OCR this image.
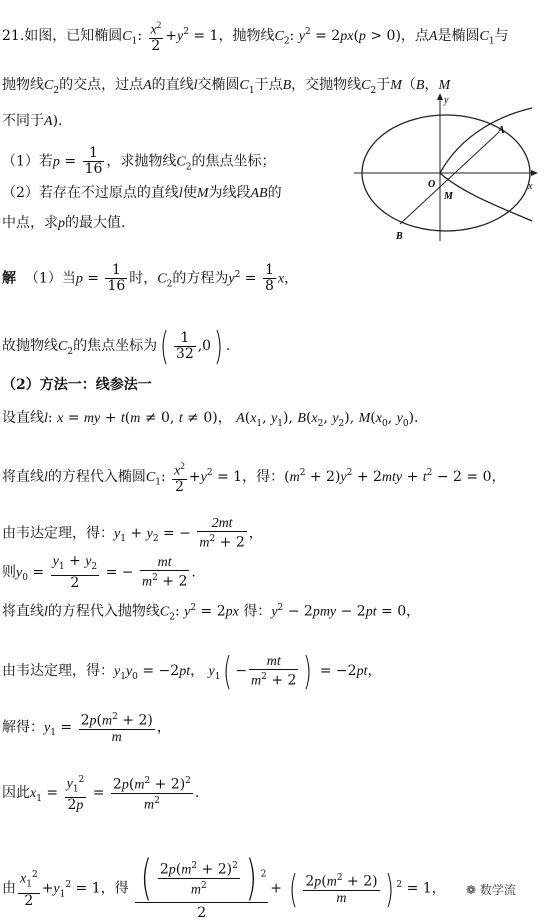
21.如图，已知椭圆$C_1$: $\frac{x^2}{2} +y^2 = 1$，抛物线$C_2$: $y^2 = 2px(p > 0)$，点A是椭圆$C_1$与
抛物线$C_2$的交点，过点A的直线l交椭圆$C_1$于点B，交抛物线$C_2$于M（B，M
不同于A).
（1）若$p = \frac{1}{16}$ ，求抛物线$C_2$的焦点坐标；
（2）若存在不过原点的直线l使M为线段AB的
中点，求p的最大值.
y
x
O
A
B
M
解 （1）当$p = \frac{1}{16}$ 时，$C_2$的方程为$y^2 = \frac{1}{8}$ x，
故抛物线$C_2$的焦点坐标为( $\frac{1}{32} ,0$) .
（2）方法一：线参法一
设直线l: x = my + t(m ≠ 0, t ≠ 0)， $A(x_1$, $y_1$), $B(x_2$, $y_2$), $M(x_0$, $y_0$).
将直线l的方程代入椭圆$C_1$: $\frac{x^2}{2} +y^2 = 1$，得：$(m^2 + 2)y^2 + 2mty + t^2 - 2 = 0$，
由韦达定理，得：$y_1 + y_2$ = − $\frac{2mt}{m^2 + 2}$ ，
则$y_0 = \frac{y_1 + y_2}{2}$ = − $\frac{mt}{m^2 + 2}$ .
将直线l的方程代入抛物线$C_2$: $y^2 = 2px$ 得：$y^2 - 2pmy - 2pt = 0$，
由韦达定理，得：$y_1y_0 = -2pt$， $y_1( - \frac{mt}{m^2 + 2}$ ) = −2pt，
解得：$y_1 = \frac{2p(m^2 + 2)}{m}$ ，
因此$x_1 = \frac{y_1^2}{2p} = \frac{2p(m^2 + 2)^2}{m^2}$ .
由 $\frac{x_1^2}{2} +y_1^2 = 1$，得 $\frac{( \frac{2p(m^2 + 2)^2}{m^2} ) ^2}{2}$ + ( $\frac{2p(m^2 + 2)}{m}$ ) $^2$ = 1， ❁ 数学流
